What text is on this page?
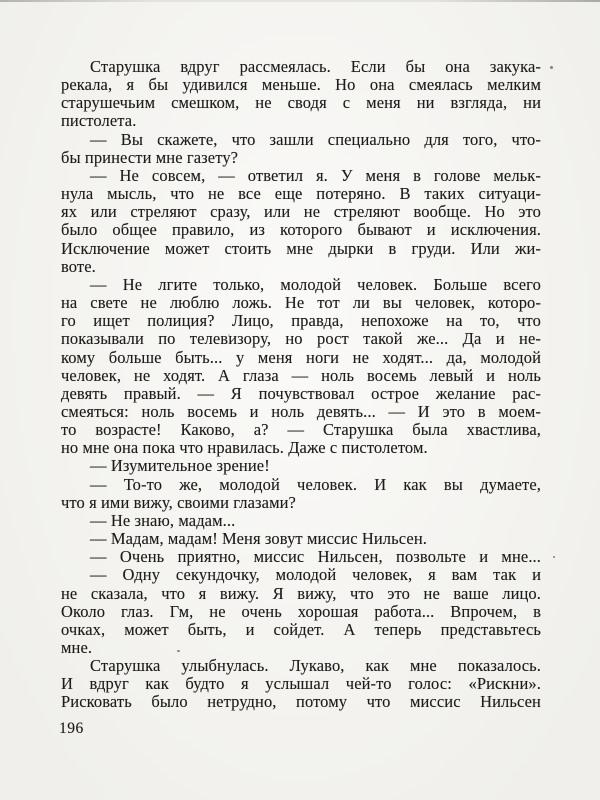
Старушка вдруг рассмеялась. Если бы она закука-
рекала, я бы удивился меньше. Но она смеялась мелким
старушечьим смешком, не сводя с меня ни взгляда, ни
пистолета.
— Вы скажете, что зашли специально для того, что-
бы принести мне газету?
— Не совсем, — ответил я. У меня в голове мельк-
нула мысль, что не все еще потеряно. В таких ситуаци-
ях или стреляют сразу, или не стреляют вообще. Но это
было общее правило, из которого бывают и исключения.
Исключение может стоить мне дырки в груди. Или жи-
воте.
— Не лгите только, молодой человек. Больше всего
на свете не люблю ложь. Не тот ли вы человек, которо-
го ищет полиция? Лицо, правда, непохоже на то, что
показывали по телевизору, но рост такой же... Да и не-
кому больше быть... у меня ноги не ходят... да, молодой
человек, не ходят. А глаза — ноль восемь левый и ноль
девять правый. — Я почувствовал острое желание рас-
смеяться: ноль восемь и ноль девять... — И это в моем-
то возрасте! Каково, а? — Старушка была хвастлива,
но мне она пока что нравилась. Даже с пистолетом.
— Изумительное зрение!
— То-то же, молодой человек. И как вы думаете,
что я ими вижу, своими глазами?
— Не знаю, мадам...
— Мадам, мадам! Меня зовут миссис Нильсен.
— Очень приятно, миссис Нильсен, позвольте и мне...
— Одну секундочку, молодой человек, я вам так и
не сказала, что я вижу. Я вижу, что это не ваше лицо.
Около глаз. Гм, не очень хорошая работа... Впрочем, в
очках, может быть, и сойдет. А теперь представьтесь
мне.
Старушка улыбнулась. Лукаво, как мне показалось.
И вдруг как будто я услышал чей-то голос: «Рискни».
Рисковать было нетрудно, потому что миссис Нильсен
196
